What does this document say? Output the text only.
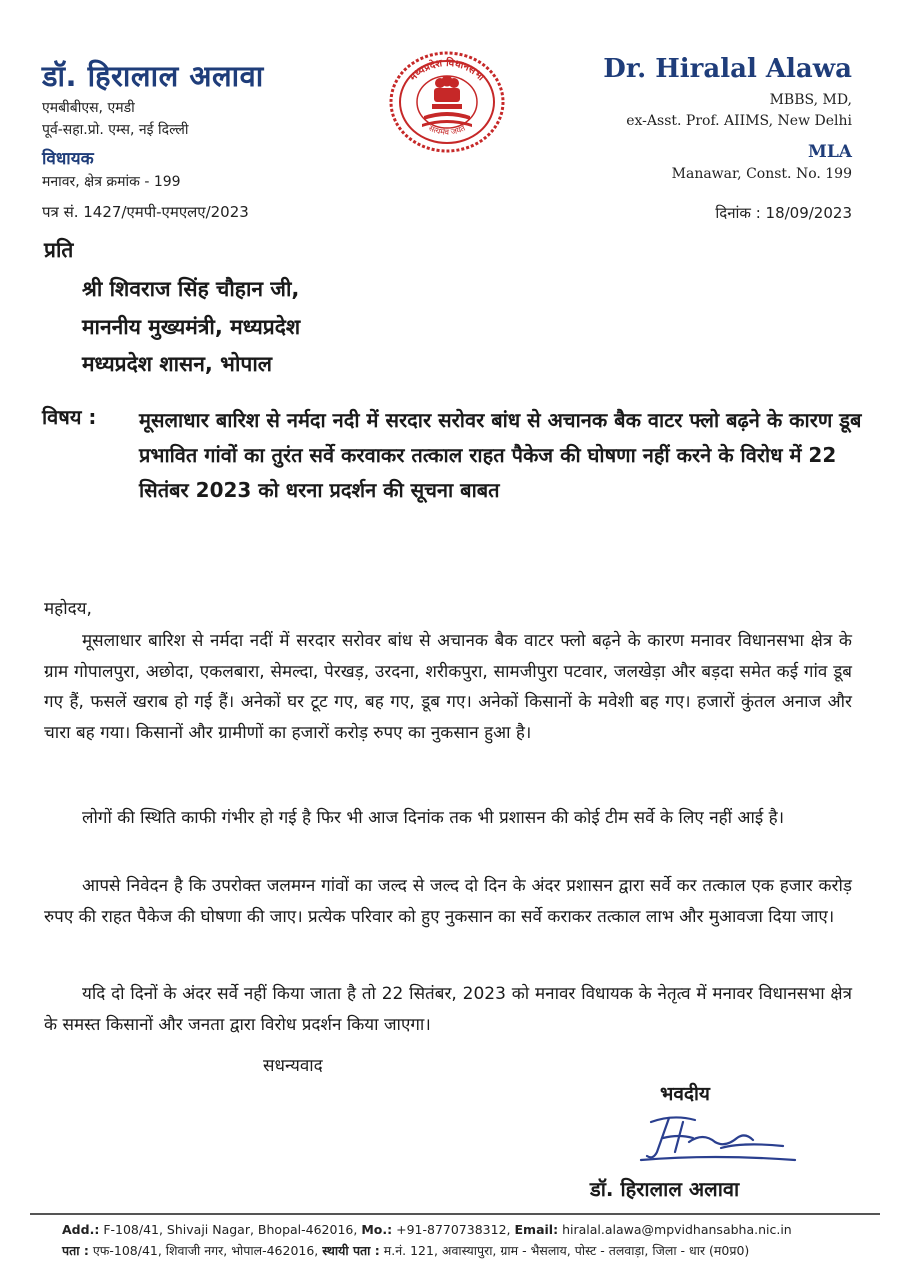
डॉ. हिरालाल अलावा
एमबीबीएस, एमडी
पूर्व-सहा.प्रो. एम्स, नई दिल्ली
विधायक
मनावर, क्षेत्र क्रमांक - 199
पत्र सं. 1427/एमपी-एमएलए/2023
मध्यप्रदेश विधानसभा
सत्यमेव जयते
Dr. Hiralal Alawa
MBBS, MD,
ex-Asst. Prof. AIIMS, New Delhi
MLA
Manawar, Const. No. 199
दिनांक : 18/09/2023
प्रति
श्री शिवराज सिंह चौहान जी,
माननीय मुख्यमंत्री, मध्यप्रदेश
मध्यप्रदेश शासन, भोपाल
विषय : मूसलाधार बारिश से नर्मदा नदी में सरदार सरोवर बांध से अचानक बैक वाटर फ्लो बढ़ने के कारण डूब प्रभावित गांवों का तुरंत सर्वे करवाकर तत्काल राहत पैकेज की घोषणा नहीं करने के विरोध में 22 सितंबर 2023 को धरना प्रदर्शन की सूचना बाबत
महोदय,

मूसलाधार बारिश से नर्मदा नदीं में सरदार सरोवर बांध से अचानक बैक वाटर फ्लो बढ़ने के कारण मनावर विधानसभा क्षेत्र के ग्राम गोपालपुरा, अछोदा, एकलबारा, सेमल्दा, पेरखड़, उरदना, शरीकपुरा, सामजीपुरा पटवार, जलखेड़ा और बड़दा समेत कई गांव डूब गए हैं, फसलें खराब हो गई हैं। अनेकों घर टूट गए, बह गए, डूब गए। अनेकों किसानों के मवेशी बह गए। हजारों कुंतल अनाज और चारा बह गया। किसानों और ग्रामीणों का हजारों करोड़ रुपए का नुकसान हुआ है।

लोगों की स्थिति काफी गंभीर हो गई है फिर भी आज दिनांक तक भी प्रशासन की कोई टीम सर्वे के लिए नहीं आई है।

आपसे निवेदन है कि उपरोक्त जलमग्न गांवों का जल्द से जल्द दो दिन के अंदर प्रशासन द्वारा सर्वे कर तत्काल एक हजार करोड़ रुपए की राहत पैकेज की घोषणा की जाए। प्रत्येक परिवार को हुए नुकसान का सर्वे कराकर तत्काल लाभ और मुआवजा दिया जाए।

यदि दो दिनों के अंदर सर्वे नहीं किया जाता है तो 22 सितंबर, 2023 को मनावर विधायक के नेतृत्व में मनावर विधानसभा क्षेत्र के समस्त किसानों और जनता द्वारा विरोध प्रदर्शन किया जाएगा।

सधन्यवाद
भवदीय
डॉ. हिरालाल अलावा
Add.: F-108/41, Shivaji Nagar, Bhopal-462016, Mo.: +91-8770738312, Email: hiralal.alawa@mpvidhansabha.nic.in
पता : एफ-108/41, शिवाजी नगर, भोपाल-462016, स्थायी पता : म.नं. 121, अवास्यापुरा, ग्राम - भैसलाय, पोस्ट - तलवाड़ा, जिला - धार (म0प्र0)
